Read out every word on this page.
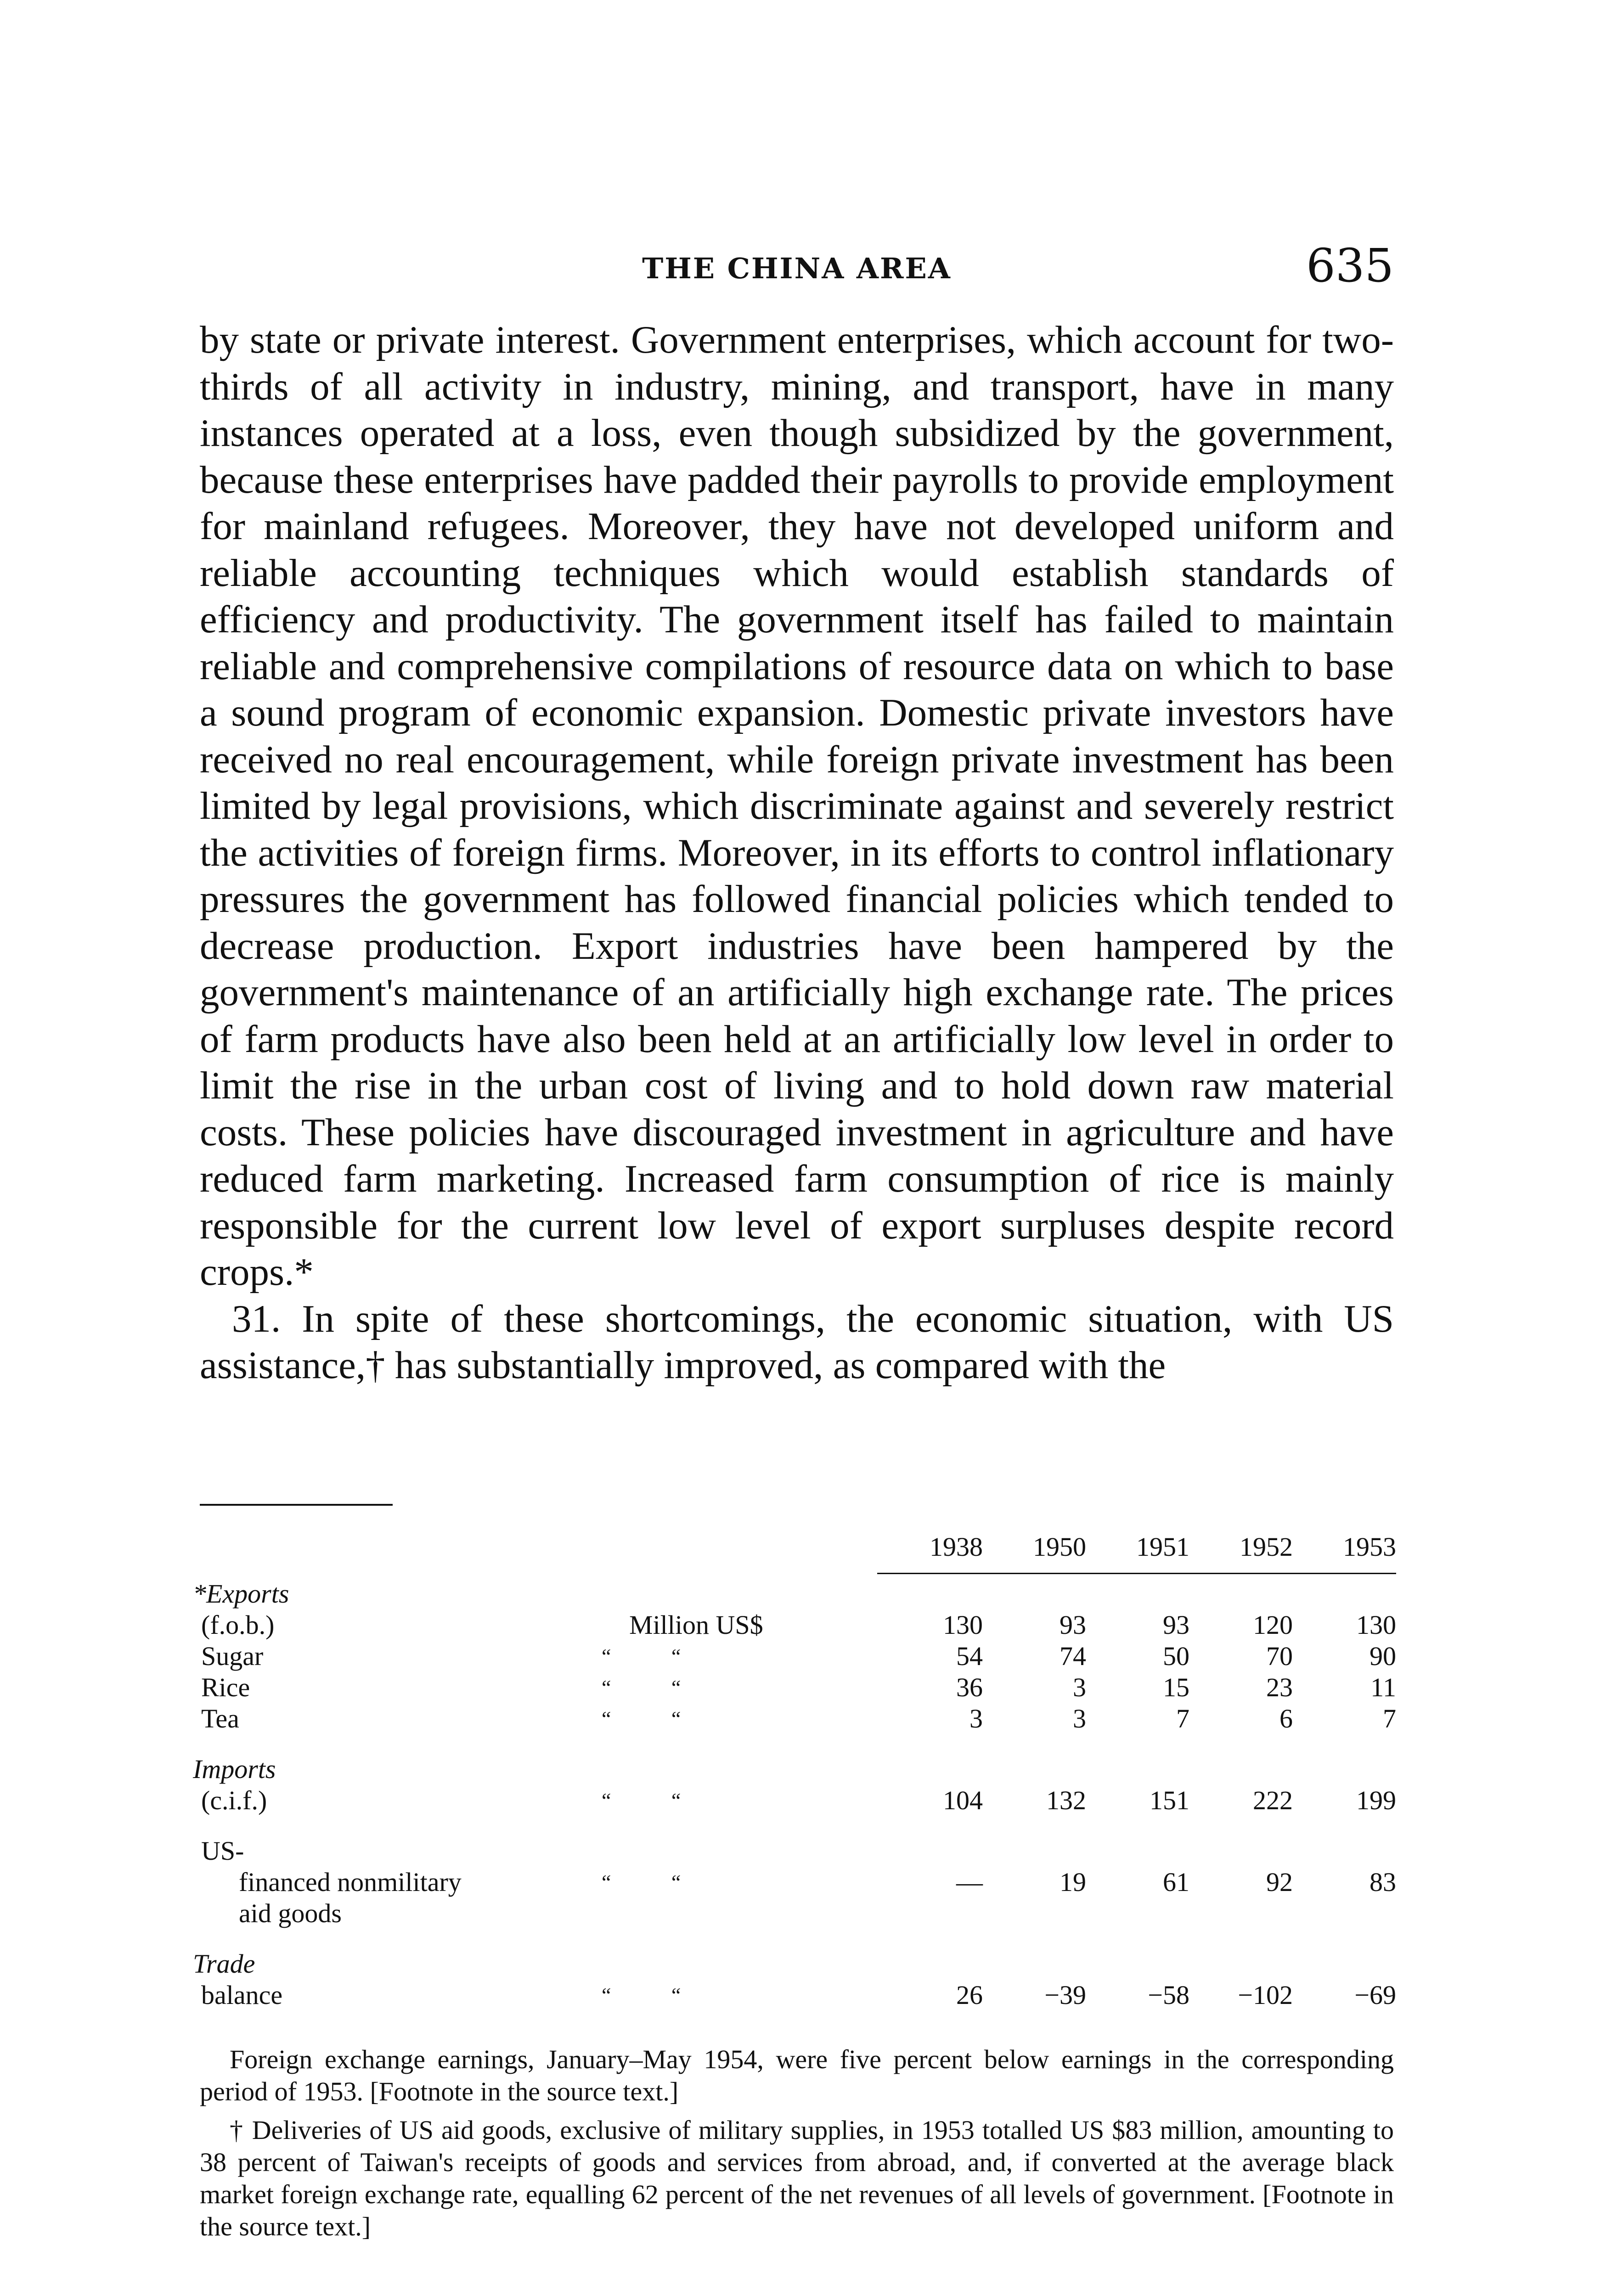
THE CHINA AREA	635

by state or private interest. Government enterprises, which account for two-thirds of all activity in industry, mining, and transport, have in many instances operated at a loss, even though subsidized by the government, because these enterprises have padded their payrolls to provide employment for mainland refugees. Moreover, they have not developed uniform and reliable accounting techniques which would establish standards of efficiency and productivity. The government itself has failed to maintain reliable and comprehensive compilations of resource data on which to base a sound program of economic expansion. Domestic private investors have received no real encouragement, while foreign private investment has been limited by legal provisions, which discriminate against and severely restrict the activities of foreign firms. Moreover, in its efforts to control inflationary pressures the government has followed financial policies which tended to decrease production. Export industries have been hampered by the government's maintenance of an artificially high exchange rate. The prices of farm products have also been held at an artificially low level in order to limit the rise in the urban cost of living and to hold down raw material costs. These policies have discouraged investment in agriculture and have reduced farm marketing. Increased farm consumption of rice is mainly responsible for the current low level of export surpluses despite record crops.*

31. In spite of these shortcomings, the economic situation, with US assistance,† has substantially improved, as compared with the

		1938	1950	1951	1952	1953
*Exports						
(f.o.b.)	Million US$	130	93	93	120	130
Sugar	“ “	54	74	50	70	90
Rice	“ “	36	3	15	23	11
Tea	“ “	3	3	7	6	7
Imports						
(c.i.f.)	“ “	104	132	151	222	199
US-						
financed nonmilitary	“ “	—	19	61	92	83
aid goods						
Trade						
balance	“ “	26	−39	−58	−102	−69

Foreign exchange earnings, January–May 1954, were five percent below earnings in the corresponding period of 1953. [Footnote in the source text.]

† Deliveries of US aid goods, exclusive of military supplies, in 1953 totalled US $83 million, amounting to 38 percent of Taiwan's receipts of goods and services from abroad, and, if converted at the average black market foreign exchange rate, equalling 62 percent of the net revenues of all levels of government. [Footnote in the source text.]
